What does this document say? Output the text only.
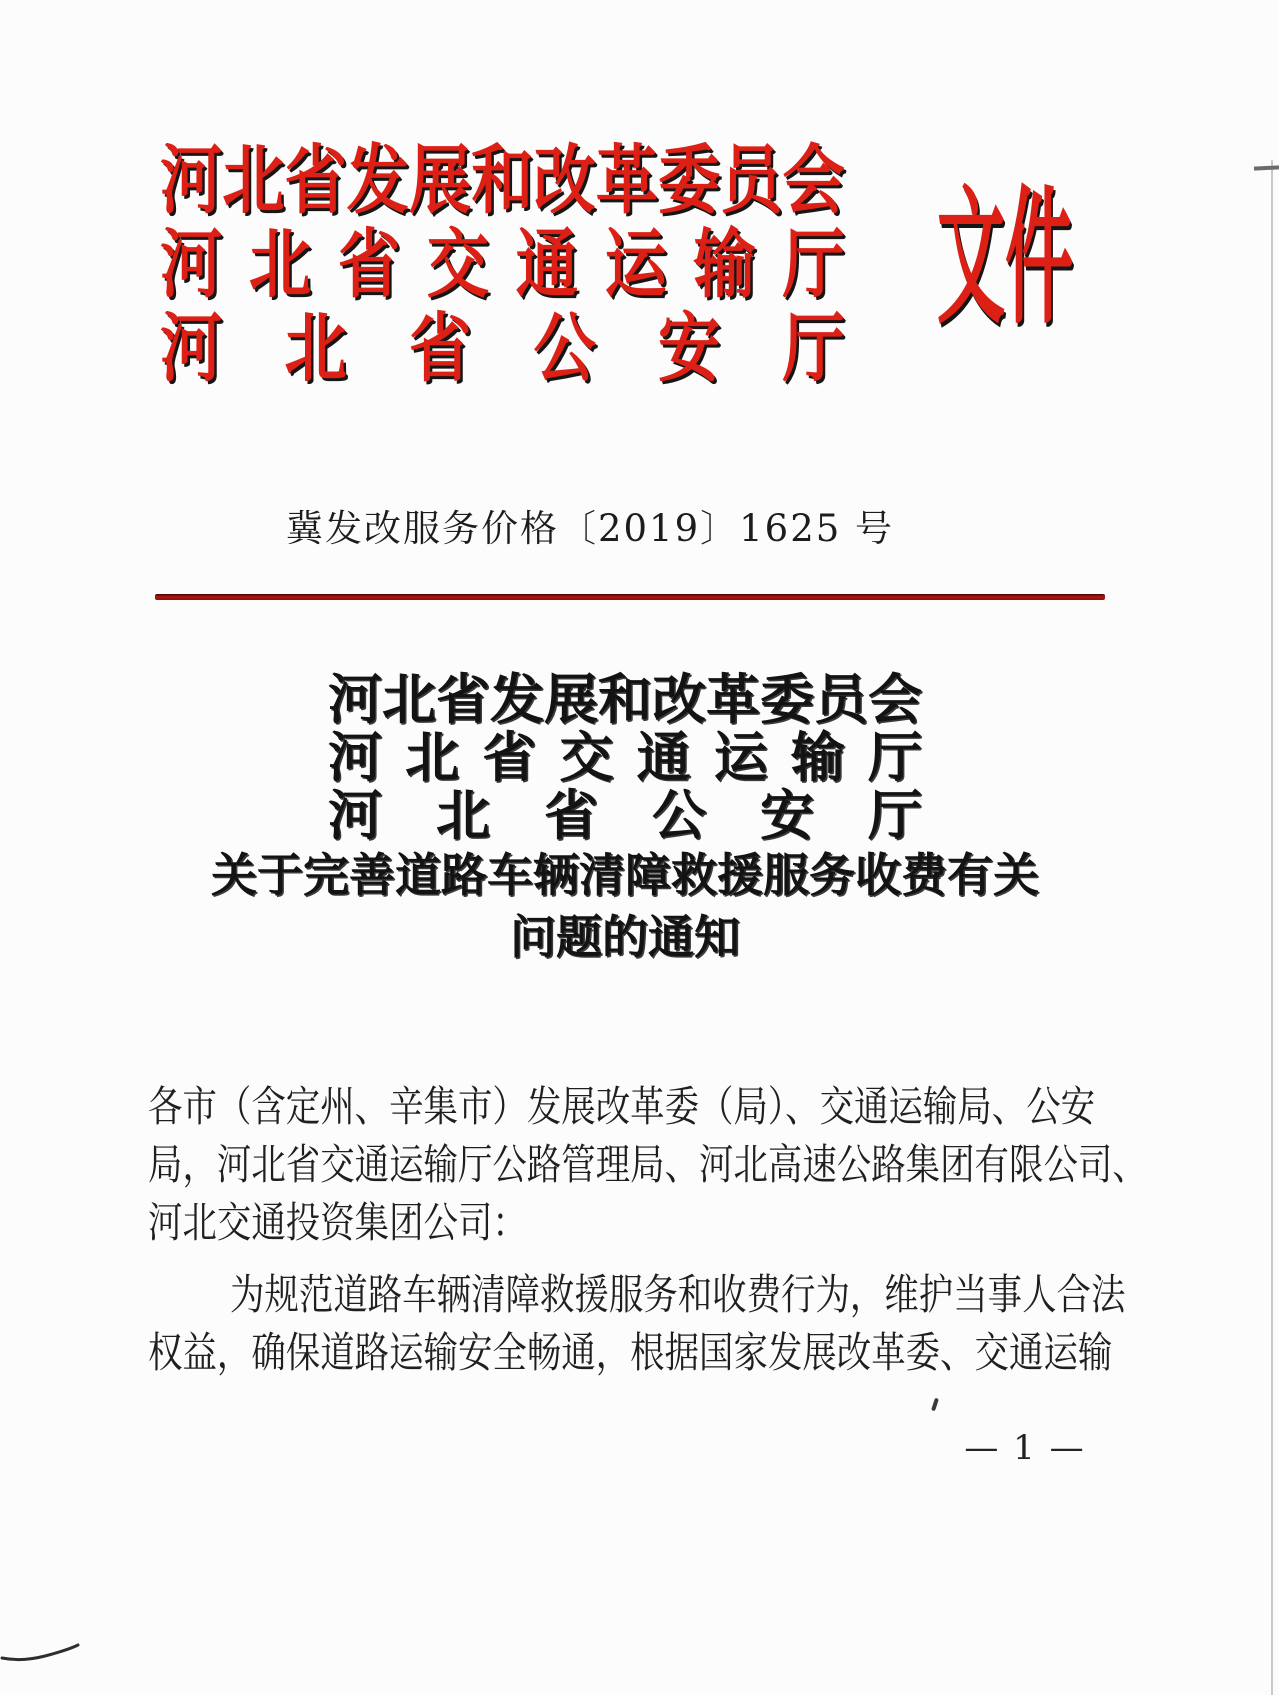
河北省发展和改革委员会
河北省交通运输厅
河北省公安厅
文件
冀发改服务价格〔2019〕1625 号
河北省发展和改革委员会
河北省交通运输厅
河北省公安厅
关于完善道路车辆清障救援服务收费有关
问题的通知
各市（含定州、辛集市）发展改革委（局）、交通运输局、公安
局，河北省交通运输厅公路管理局、河北高速公路集团有限公司、
河北交通投资集团公司：
为规范道路车辆清障救援服务和收费行为，维护当事人合法
权益，确保道路运输安全畅通，根据国家发展改革委、交通运输
— 1 —
